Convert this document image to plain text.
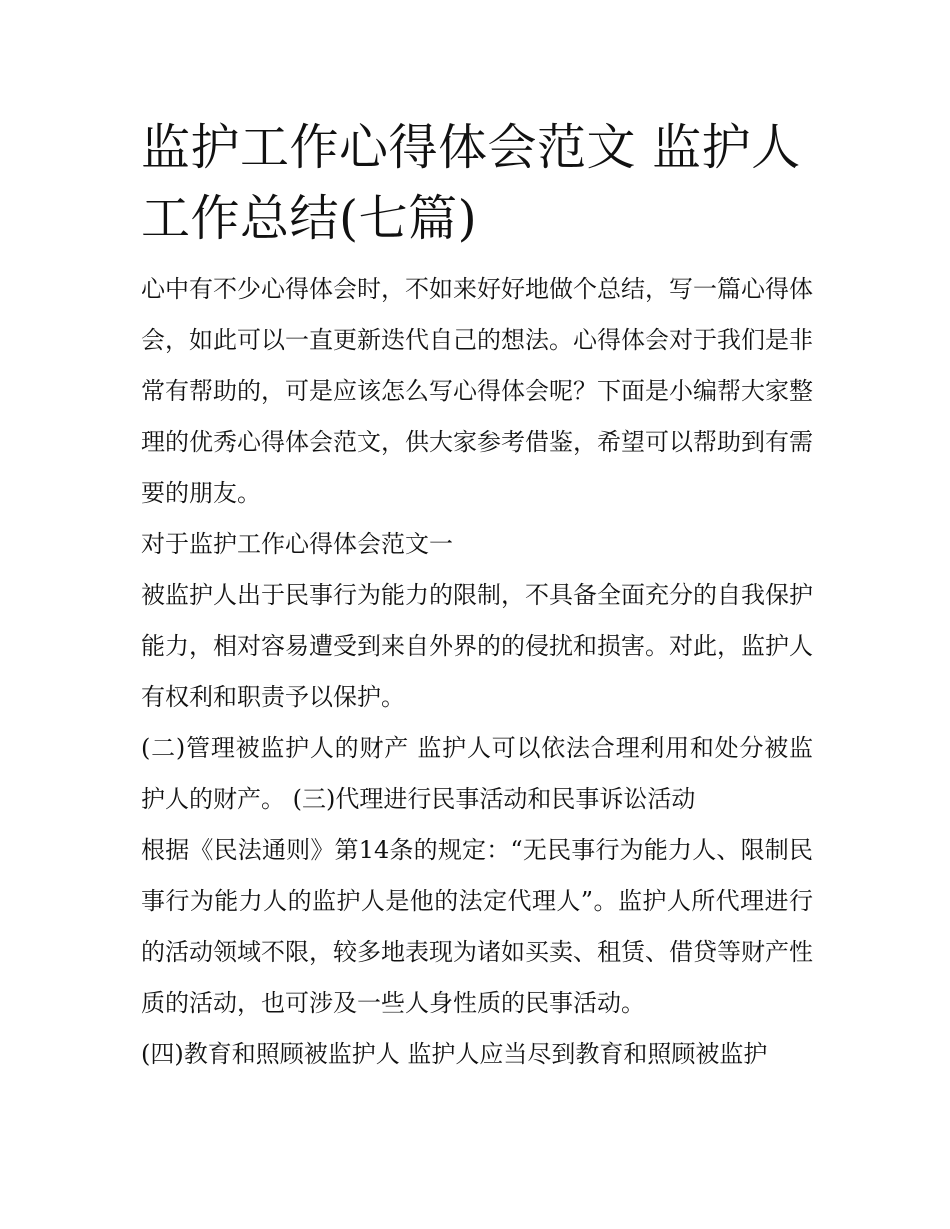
监护工作心得体会范文 监护人工作总结(七篇)

心中有不少心得体会时，不如来好好地做个总结，写一篇心得体会，如此可以一直更新迭代自己的想法。心得体会对于我们是非常有帮助的，可是应该怎么写心得体会呢？下面是小编帮大家整理的优秀心得体会范文，供大家参考借鉴，希望可以帮助到有需要的朋友。

对于监护工作心得体会范文一

被监护人出于民事行为能力的限制，不具备全面充分的自我保护能力，相对容易遭受到来自外界的的侵扰和损害。对此，监护人有权利和职责予以保护。

(二)管理被监护人的财产 监护人可以依法合理利用和处分被监护人的财产。 (三)代理进行民事活动和民事诉讼活动

根据《民法通则》第14条的规定：“无民事行为能力人、限制民事行为能力人的监护人是他的法定代理人”。监护人所代理进行的活动领域不限，较多地表现为诸如买卖、租赁、借贷等财产性质的活动，也可涉及一些人身性质的民事活动。

(四)教育和照顾被监护人 监护人应当尽到教育和照顾被监护
